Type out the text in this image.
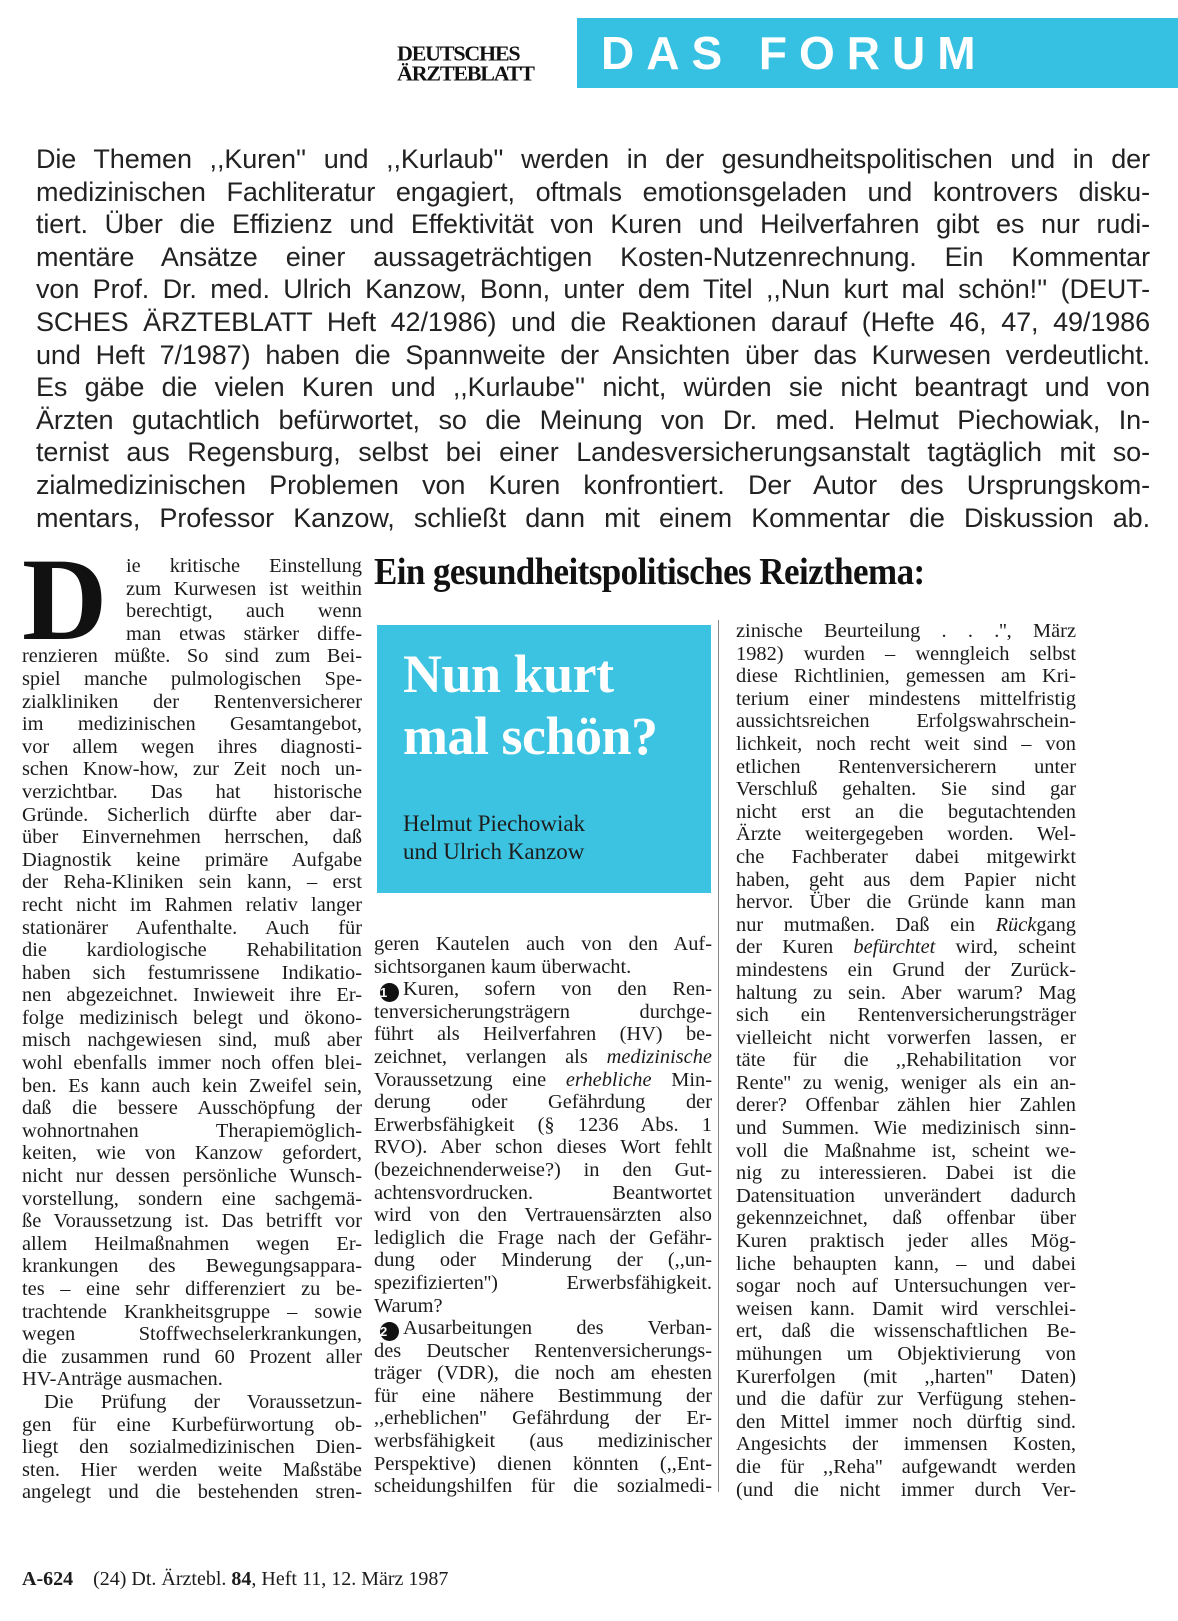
DEUTSCHES
ÄRZTEBLATT	DAS FORUM
Die Themen ,,Kuren'' und ,,Kurlaub'' werden in der gesundheitspolitischen und in der
medizinischen Fachliteratur engagiert, oftmals emotionsgeladen und kontrovers disku-
tiert. Über die Effizienz und Effektivität von Kuren und Heilverfahren gibt es nur rudi-
mentäre Ansätze einer aussageträchtigen Kosten-Nutzenrechnung. Ein Kommentar
von Prof. Dr. med. Ulrich Kanzow, Bonn, unter dem Titel ,,Nun kurt mal schön!'' (DEUT-
SCHES ÄRZTEBLATT Heft 42/1986) und die Reaktionen darauf (Hefte 46, 47, 49/1986
und Heft 7/1987) haben die Spannweite der Ansichten über das Kurwesen verdeutlicht.
Es gäbe die vielen Kuren und ,,Kurlaube'' nicht, würden sie nicht beantragt und von
Ärzten gutachtlich befürwortet, so die Meinung von Dr. med. Helmut Piechowiak, In-
ternist aus Regensburg, selbst bei einer Landesversicherungsanstalt tagtäglich mit so-
zialmedizinischen Problemen von Kuren konfrontiert. Der Autor des Ursprungskom-
mentars, Professor Kanzow, schließt dann mit einem Kommentar die Diskussion ab.
Ein gesundheitspolitisches Reizthema:
Nun kurt
mal schön?
Helmut Piechowiak
und Ulrich Kanzow
D ie kritische Einstellung
zum Kurwesen ist weithin
berechtigt, auch wenn
man etwas stärker diffe-
renzieren müßte. So sind zum Bei-
spiel manche pulmologischen Spe-
zialkliniken der Rentenversicherer
im medizinischen Gesamtangebot,
vor allem wegen ihres diagnosti-
schen Know-how, zur Zeit noch un-
verzichtbar. Das hat historische
Gründe. Sicherlich dürfte aber dar-
über Einvernehmen herrschen, daß
Diagnostik keine primäre Aufgabe
der Reha-Kliniken sein kann, – erst
recht nicht im Rahmen relativ langer
stationärer Aufenthalte. Auch für
die kardiologische Rehabilitation
haben sich festumrissene Indikatio-
nen abgezeichnet. Inwieweit ihre Er-
folge medizinisch belegt und ökono-
misch nachgewiesen sind, muß aber
wohl ebenfalls immer noch offen blei-
ben. Es kann auch kein Zweifel sein,
daß die bessere Ausschöpfung der
wohnortnahen Therapiemöglich-
keiten, wie von Kanzow gefordert,
nicht nur dessen persönliche Wunsch-
vorstellung, sondern eine sachgemä-
ße Voraussetzung ist. Das betrifft vor
allem Heilmaßnahmen wegen Er-
krankungen des Bewegungsappara-
tes – eine sehr differenziert zu be-
trachtende Krankheitsgruppe – sowie
wegen Stoffwechselerkrankungen,
die zusammen rund 60 Prozent aller
HV-Anträge ausmachen.
Die Prüfung der Voraussetzun-
gen für eine Kurbefürwortung ob-
liegt den sozialmedizinischen Dien-
sten. Hier werden weite Maßstäbe
angelegt und die bestehenden stren-
geren Kautelen auch von den Auf-
sichtsorganen kaum überwacht.
1 Kuren, sofern von den Ren-
tenversicherungsträgern durchge-
führt als Heilverfahren (HV) be-
zeichnet, verlangen als medizinische
Voraussetzung eine erhebliche Min-
derung oder Gefährdung der
Erwerbsfähigkeit (§ 1236 Abs. 1
RVO). Aber schon dieses Wort fehlt
(bezeichnenderweise?) in den Gut-
achtensvordrucken. Beantwortet
wird von den Vertrauensärzten also
lediglich die Frage nach der Gefähr-
dung oder Minderung der (,,un-
spezifizierten'') Erwerbsfähigkeit.
Warum?
2 Ausarbeitungen des Verban-
des Deutscher Rentenversicherungs-
träger (VDR), die noch am ehesten
für eine nähere Bestimmung der
,,erheblichen'' Gefährdung der Er-
werbsfähigkeit (aus medizinischer
Perspektive) dienen könnten (,,Ent-
scheidungshilfen für die sozialmedi-
zinische Beurteilung . . .'', März
1982) wurden – wenngleich selbst
diese Richtlinien, gemessen am Kri-
terium einer mindestens mittelfristig
aussichtsreichen Erfolgswahrschein-
lichkeit, noch recht weit sind – von
etlichen Rentenversicherern unter
Verschluß gehalten. Sie sind gar
nicht erst an die begutachtenden
Ärzte weitergegeben worden. Wel-
che Fachberater dabei mitgewirkt
haben, geht aus dem Papier nicht
hervor. Über die Gründe kann man
nur mutmaßen. Daß ein Rückgang
der Kuren befürchtet wird, scheint
mindestens ein Grund der Zurück-
haltung zu sein. Aber warum? Mag
sich ein Rentenversicherungsträger
vielleicht nicht vorwerfen lassen, er
täte für die ,,Rehabilitation vor
Rente'' zu wenig, weniger als ein an-
derer? Offenbar zählen hier Zahlen
und Summen. Wie medizinisch sinn-
voll die Maßnahme ist, scheint we-
nig zu interessieren. Dabei ist die
Datensituation unverändert dadurch
gekennzeichnet, daß offenbar über
Kuren praktisch jeder alles Mög-
liche behaupten kann, – und dabei
sogar noch auf Untersuchungen ver-
weisen kann. Damit wird verschlei-
ert, daß die wissenschaftlichen Be-
mühungen um Objektivierung von
Kurerfolgen (mit ,,harten'' Daten)
und die dafür zur Verfügung stehen-
den Mittel immer noch dürftig sind.
Angesichts der immensen Kosten,
die für ,,Reha'' aufgewandt werden
(und die nicht immer durch Ver-
A-624 (24) Dt. Ärztebl. 84, Heft 11, 12. März 1987
